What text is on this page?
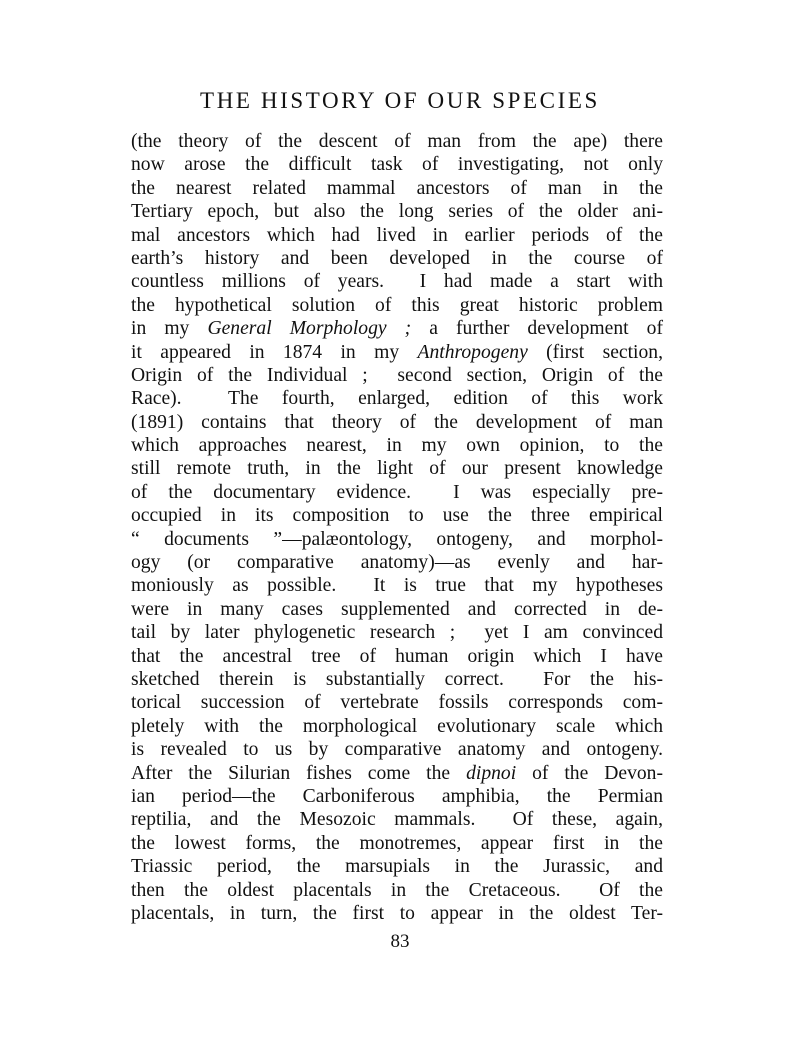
THE HISTORY OF OUR SPECIES
(the theory of the descent of man from the ape) there
now arose the difficult task of investigating, not only
the nearest related mammal ancestors of man in the
Tertiary epoch, but also the long series of the older ani-
mal ancestors which had lived in earlier periods of the
earth’s history and been developed in the course of
countless millions of years.  I had made a start with
the hypothetical solution of this great historic problem
in my General Morphology ; a further development of
it appeared in 1874 in my Anthropogeny (first section,
Origin of the Individual ;  second section, Origin of the
Race).  The fourth, enlarged, edition of this work
(1891) contains that theory of the development of man
which approaches nearest, in my own opinion, to the
still remote truth, in the light of our present knowledge
of the documentary evidence.  I was especially pre-
occupied in its composition to use the three empirical
“ documents ”—palæontology, ontogeny, and morphol-
ogy (or comparative anatomy)—as evenly and har-
moniously as possible.  It is true that my hypotheses
were in many cases supplemented and corrected in de-
tail by later phylogenetic research ;  yet I am convinced
that the ancestral tree of human origin which I have
sketched therein is substantially correct.  For the his-
torical succession of vertebrate fossils corresponds com-
pletely with the morphological evolutionary scale which
is revealed to us by comparative anatomy and ontogeny.
After the Silurian fishes come the dipnoi of the Devon-
ian period—the Carboniferous amphibia, the Permian
reptilia, and the Mesozoic mammals.  Of these, again,
the lowest forms, the monotremes, appear first in the
Triassic period, the marsupials in the Jurassic, and
then the oldest placentals in the Cretaceous.  Of the
placentals, in turn, the first to appear in the oldest Ter-
83
